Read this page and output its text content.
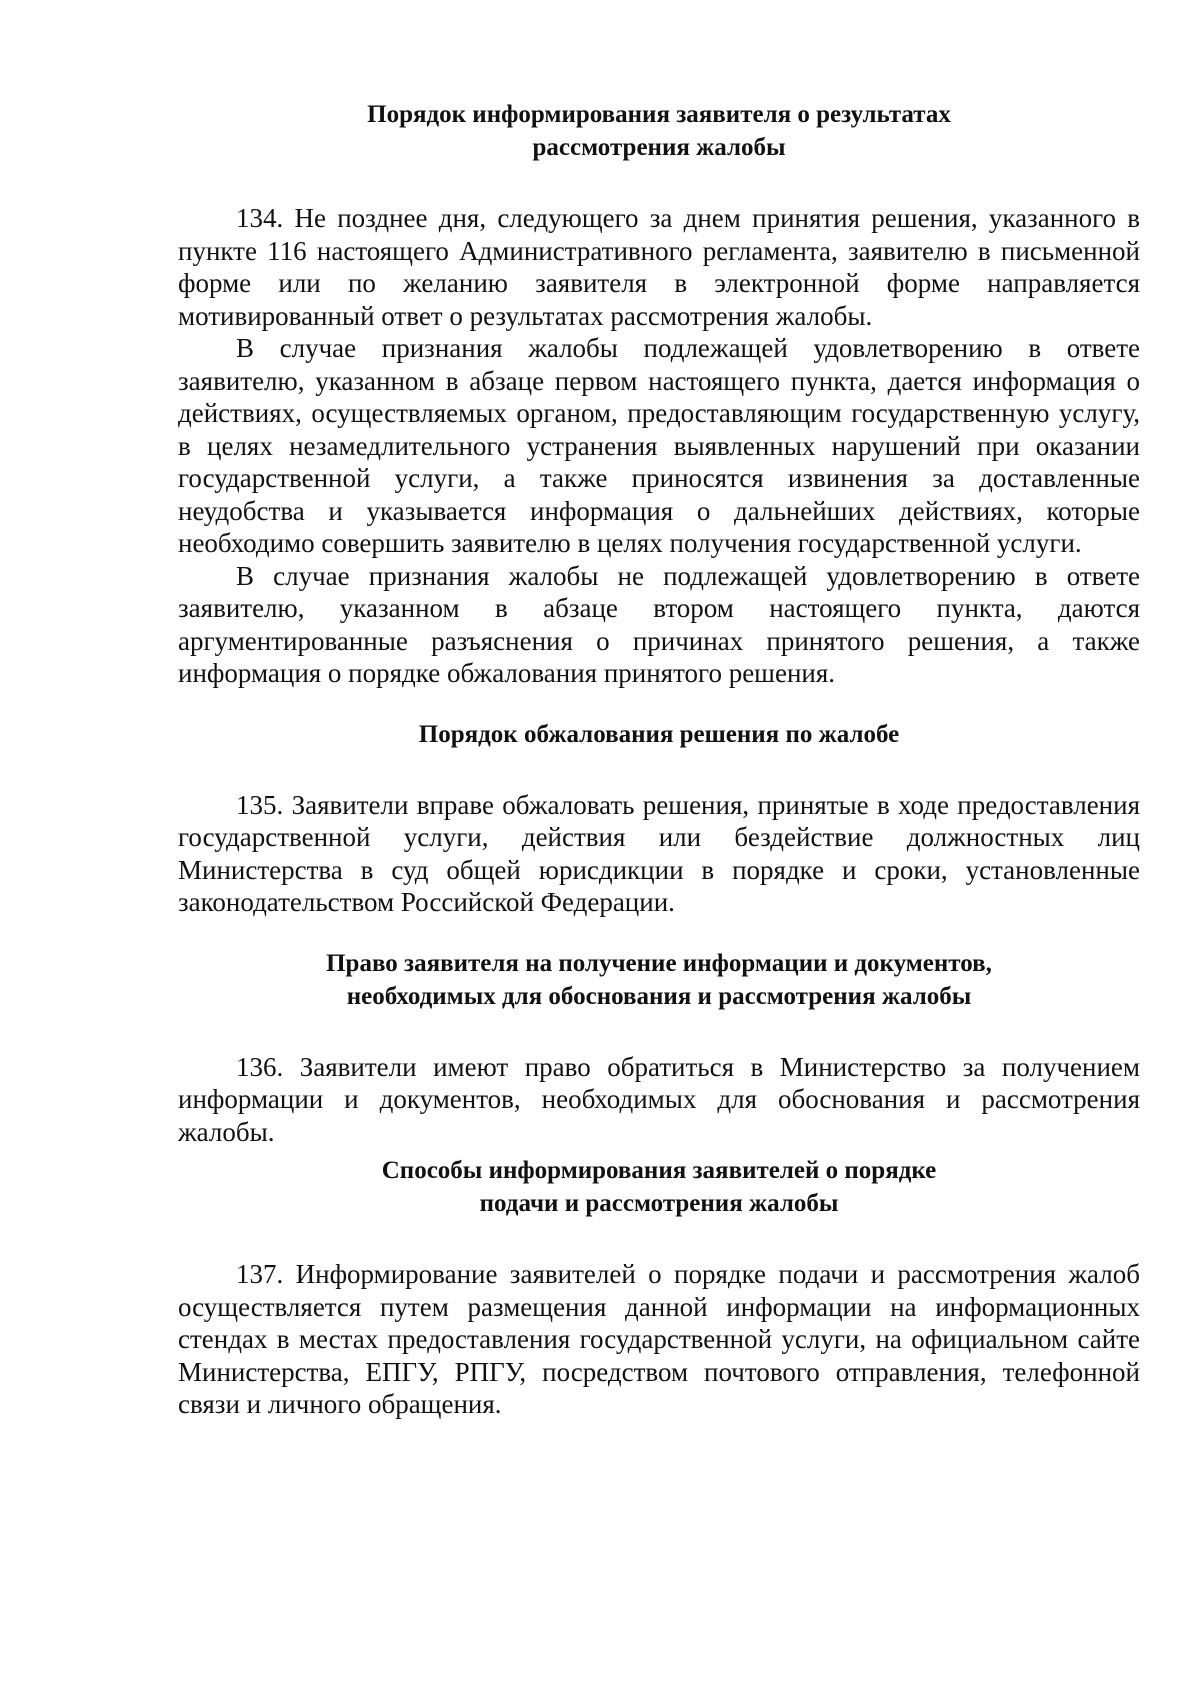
Порядок информирования заявителя о результатах
рассмотрения жалобы

134. Не позднее дня, следующего за днем принятия решения, указанного в пункте 116 настоящего Административного регламента, заявителю в письменной форме или по желанию заявителя в электронной форме направляется мотивированный ответ о результатах рассмотрения жалобы.

В случае признания жалобы подлежащей удовлетворению в ответе заявителю, указанном в абзаце первом настоящего пункта, дается информация о действиях, осуществляемых органом, предоставляющим государственную услугу, в целях незамедлительного устранения выявленных нарушений при оказании государственной услуги, а также приносятся извинения за доставленные неудобства и указывается информация о дальнейших действиях, которые необходимо совершить заявителю в целях получения государственной услуги.

В случае признания жалобы не подлежащей удовлетворению в ответе заявителю, указанном в абзаце втором настоящего пункта, даются аргументированные разъяснения о причинах принятого решения, а также информация о порядке обжалования принятого решения.

Порядок обжалования решения по жалобе

135. Заявители вправе обжаловать решения, принятые в ходе предоставления государственной услуги, действия или бездействие должностных лиц Министерства в суд общей юрисдикции в порядке и сроки, установленные законодательством Российской Федерации.

Право заявителя на получение информации и документов,
необходимых для обоснования и рассмотрения жалобы

136. Заявители имеют право обратиться в Министерство за получением информации и документов, необходимых для обоснования и рассмотрения жалобы.

Способы информирования заявителей о порядке
подачи и рассмотрения жалобы

137. Информирование заявителей о порядке подачи и рассмотрения жалоб осуществляется путем размещения данной информации на информационных стендах в местах предоставления государственной услуги, на официальном сайте Министерства, ЕПГУ, РПГУ, посредством почтового отправления, телефонной связи и личного обращения.
